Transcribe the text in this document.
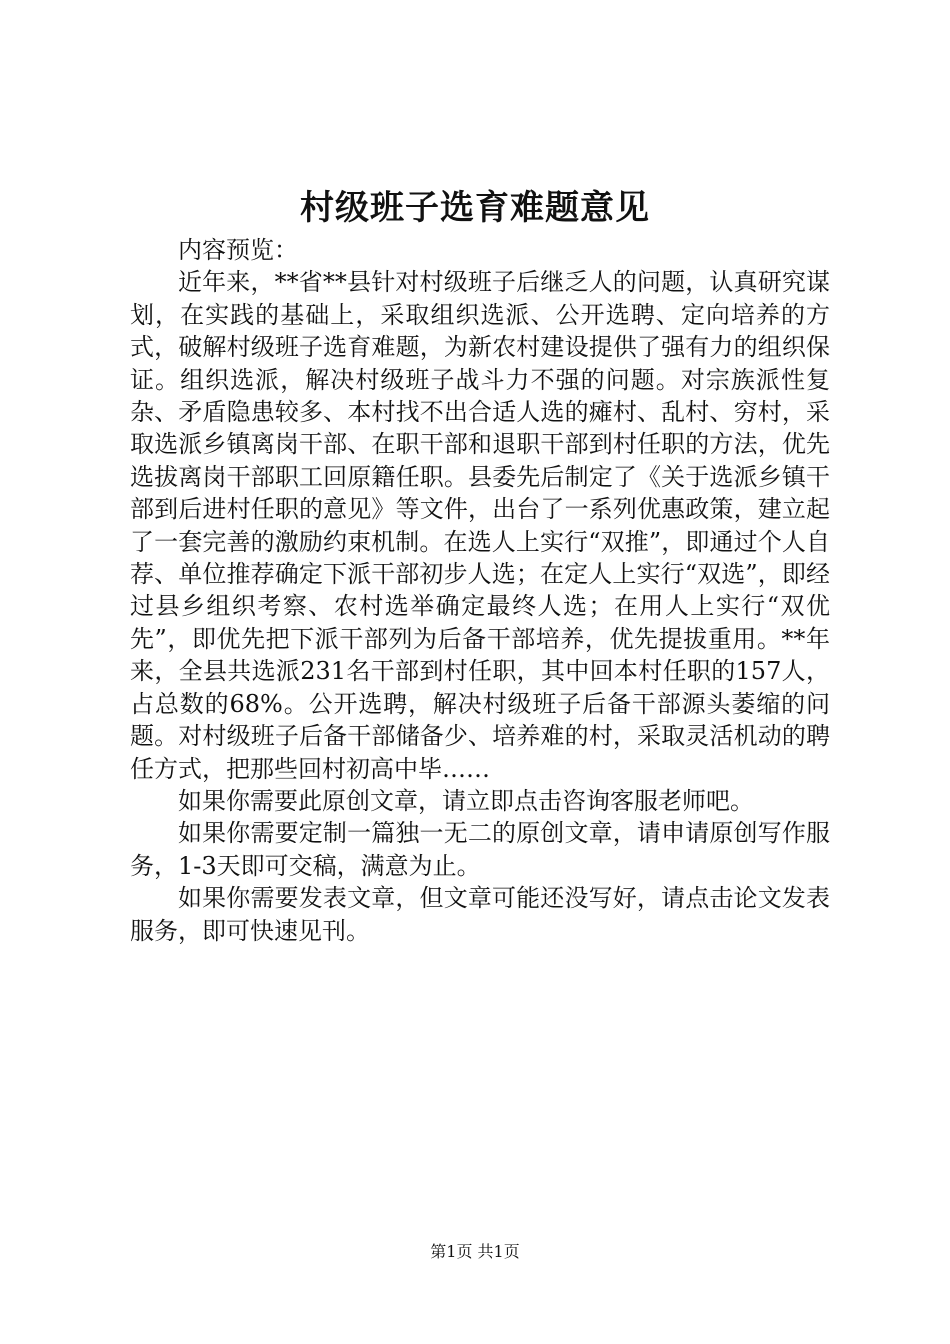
村级班子选育难题意见

内容预览：

近年来，**省**县针对村级班子后继乏人的问题，认真研究谋划，在实践的基础上，采取组织选派、公开选聘、定向培养的方式，破解村级班子选育难题，为新农村建设提供了强有力的组织保证。组织选派，解决村级班子战斗力不强的问题。对宗族派性复杂、矛盾隐患较多、本村找不出合适人选的瘫村、乱村、穷村，采取选派乡镇离岗干部、在职干部和退职干部到村任职的方法，优先选拔离岗干部职工回原籍任职。县委先后制定了《关于选派乡镇干部到后进村任职的意见》等文件，出台了一系列优惠政策，建立起了一套完善的激励约束机制。在选人上实行“双推”，即通过个人自荐、单位推荐确定下派干部初步人选；在定人上实行“双选”，即经过县乡组织考察、农村选举确定最终人选；在用人上实行“双优先”，即优先把下派干部列为后备干部培养，优先提拔重用。**年来，全县共选派231名干部到村任职，其中回本村任职的157人，占总数的68%。公开选聘，解决村级班子后备干部源头萎缩的问题。对村级班子后备干部储备少、培养难的村，采取灵活机动的聘任方式，把那些回村初高中毕……

如果你需要此原创文章，请立即点击咨询客服老师吧。

如果你需要定制一篇独一无二的原创文章，请申请原创写作服务，1-3天即可交稿，满意为止。

如果你需要发表文章，但文章可能还没写好，请点击论文发表服务，即可快速见刊。

第1页 共1页
